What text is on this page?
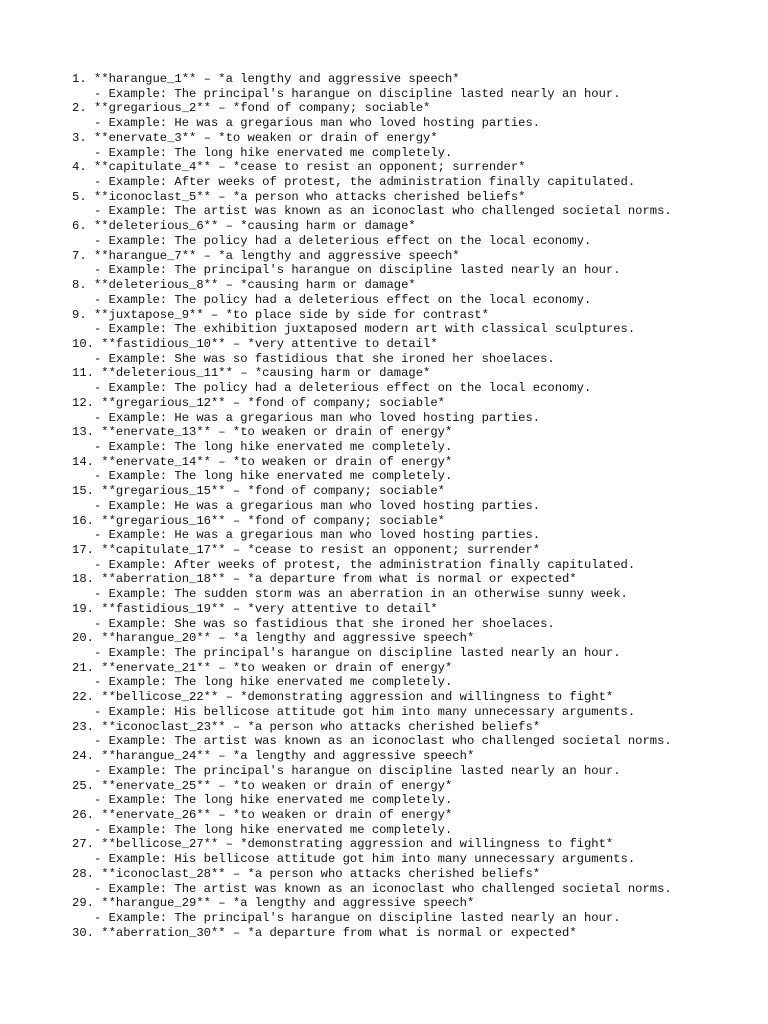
1. **harangue_1** – *a lengthy and aggressive speech*
- Example: The principal's harangue on discipline lasted nearly an hour.
2. **gregarious_2** – *fond of company; sociable*
- Example: He was a gregarious man who loved hosting parties.
3. **enervate_3** – *to weaken or drain of energy*
- Example: The long hike enervated me completely.
4. **capitulate_4** – *cease to resist an opponent; surrender*
- Example: After weeks of protest, the administration finally capitulated.
5. **iconoclast_5** – *a person who attacks cherished beliefs*
- Example: The artist was known as an iconoclast who challenged societal norms.
6. **deleterious_6** – *causing harm or damage*
- Example: The policy had a deleterious effect on the local economy.
7. **harangue_7** – *a lengthy and aggressive speech*
- Example: The principal's harangue on discipline lasted nearly an hour.
8. **deleterious_8** – *causing harm or damage*
- Example: The policy had a deleterious effect on the local economy.
9. **juxtapose_9** – *to place side by side for contrast*
- Example: The exhibition juxtaposed modern art with classical sculptures.
10. **fastidious_10** – *very attentive to detail*
- Example: She was so fastidious that she ironed her shoelaces.
11. **deleterious_11** – *causing harm or damage*
- Example: The policy had a deleterious effect on the local economy.
12. **gregarious_12** – *fond of company; sociable*
- Example: He was a gregarious man who loved hosting parties.
13. **enervate_13** – *to weaken or drain of energy*
- Example: The long hike enervated me completely.
14. **enervate_14** – *to weaken or drain of energy*
- Example: The long hike enervated me completely.
15. **gregarious_15** – *fond of company; sociable*
- Example: He was a gregarious man who loved hosting parties.
16. **gregarious_16** – *fond of company; sociable*
- Example: He was a gregarious man who loved hosting parties.
17. **capitulate_17** – *cease to resist an opponent; surrender*
- Example: After weeks of protest, the administration finally capitulated.
18. **aberration_18** – *a departure from what is normal or expected*
- Example: The sudden storm was an aberration in an otherwise sunny week.
19. **fastidious_19** – *very attentive to detail*
- Example: She was so fastidious that she ironed her shoelaces.
20. **harangue_20** – *a lengthy and aggressive speech*
- Example: The principal's harangue on discipline lasted nearly an hour.
21. **enervate_21** – *to weaken or drain of energy*
- Example: The long hike enervated me completely.
22. **bellicose_22** – *demonstrating aggression and willingness to fight*
- Example: His bellicose attitude got him into many unnecessary arguments.
23. **iconoclast_23** – *a person who attacks cherished beliefs*
- Example: The artist was known as an iconoclast who challenged societal norms.
24. **harangue_24** – *a lengthy and aggressive speech*
- Example: The principal's harangue on discipline lasted nearly an hour.
25. **enervate_25** – *to weaken or drain of energy*
- Example: The long hike enervated me completely.
26. **enervate_26** – *to weaken or drain of energy*
- Example: The long hike enervated me completely.
27. **bellicose_27** – *demonstrating aggression and willingness to fight*
- Example: His bellicose attitude got him into many unnecessary arguments.
28. **iconoclast_28** – *a person who attacks cherished beliefs*
- Example: The artist was known as an iconoclast who challenged societal norms.
29. **harangue_29** – *a lengthy and aggressive speech*
- Example: The principal's harangue on discipline lasted nearly an hour.
30. **aberration_30** – *a departure from what is normal or expected*
